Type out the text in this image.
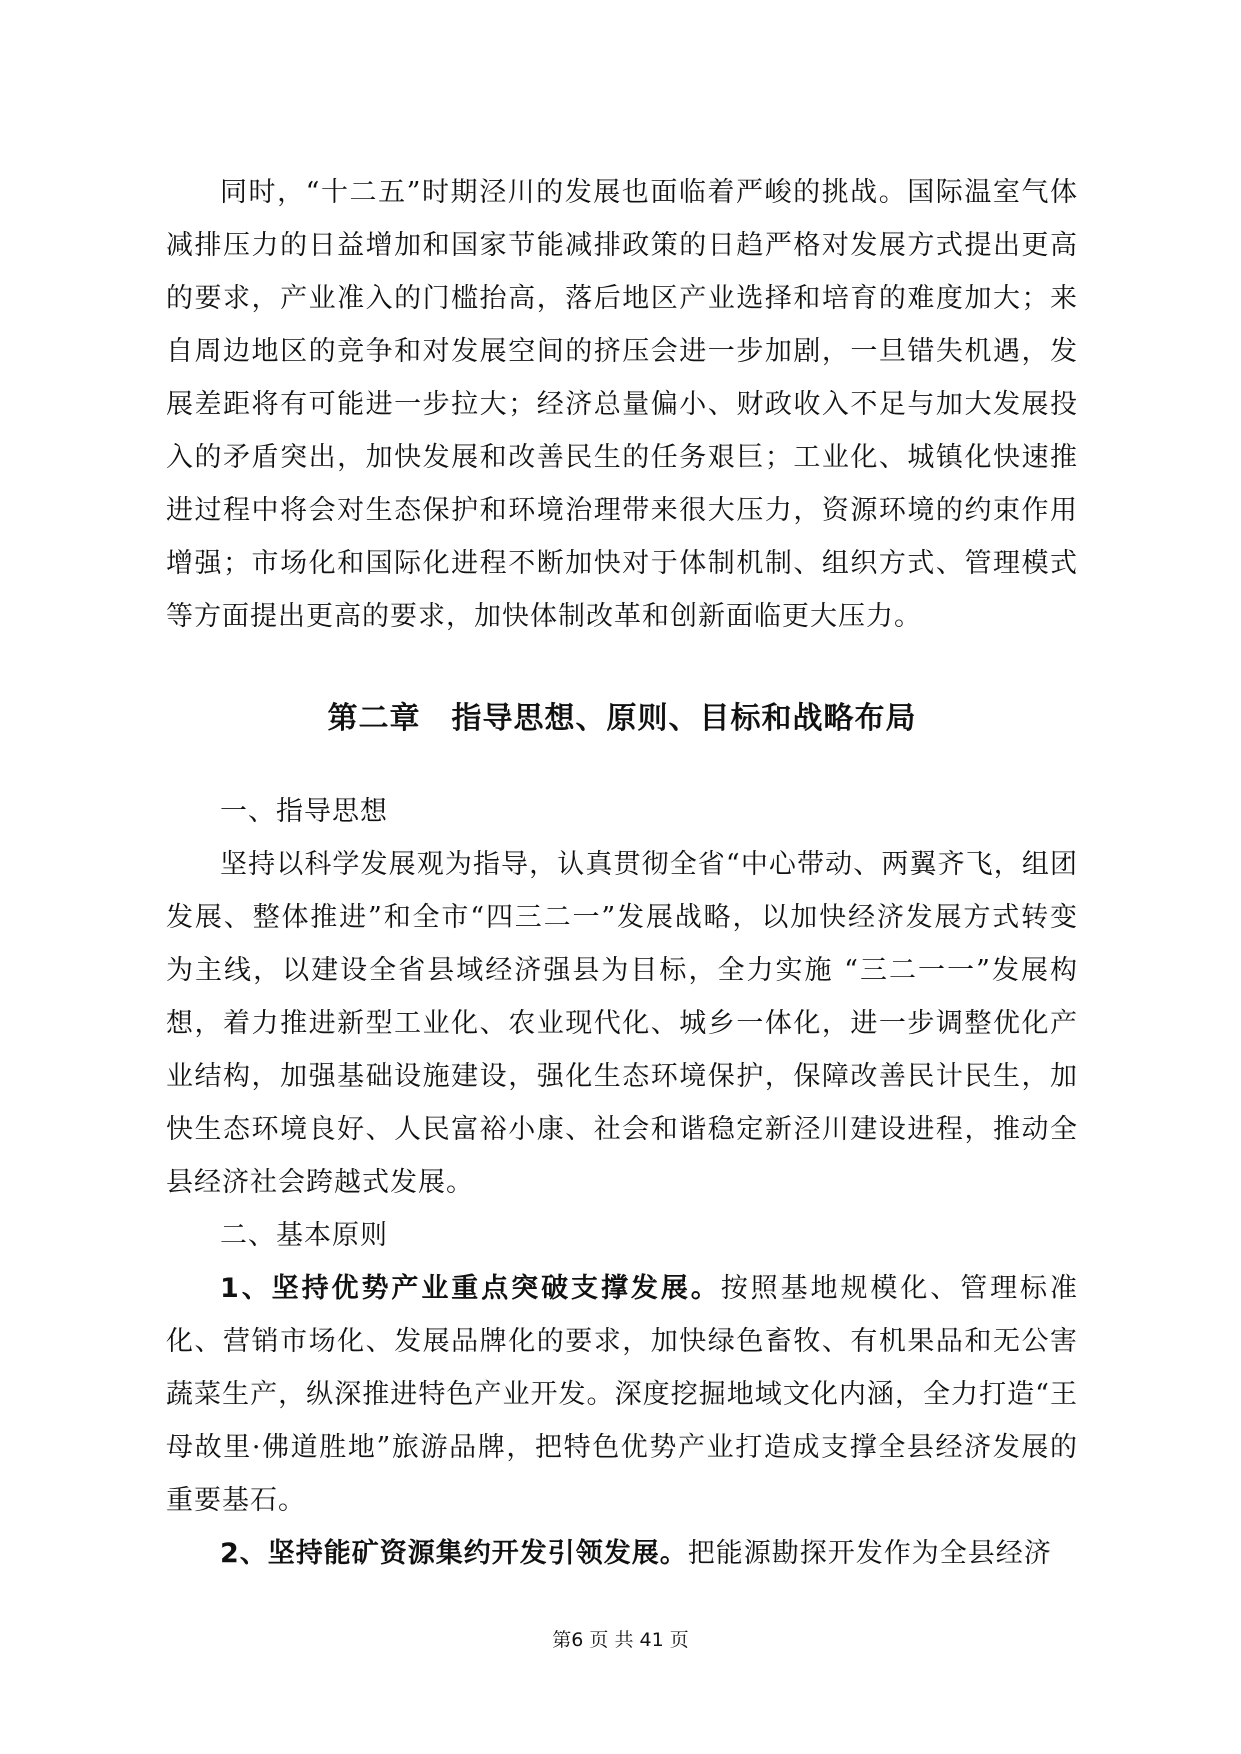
同时，“十二五”时期泾川的发展也面临着严峻的挑战。国际温室气体减排压力的日益增加和国家节能减排政策的日趋严格对发展方式提出更高的要求，产业准入的门槛抬高，落后地区产业选择和培育的难度加大；来自周边地区的竞争和对发展空间的挤压会进一步加剧，一旦错失机遇，发展差距将有可能进一步拉大；经济总量偏小、财政收入不足与加大发展投入的矛盾突出，加快发展和改善民生的任务艰巨；工业化、城镇化快速推进过程中将会对生态保护和环境治理带来很大压力，资源环境的约束作用增强；市场化和国际化进程不断加快对于体制机制、组织方式、管理模式等方面提出更高的要求，加快体制改革和创新面临更大压力。

第二章　指导思想、原则、目标和战略布局

一、指导思想

坚持以科学发展观为指导，认真贯彻全省“中心带动、两翼齐飞，组团发展、整体推进”和全市“四三二一”发展战略，以加快经济发展方式转变为主线，以建设全省县域经济强县为目标，全力实施 “三二一一”发展构想，着力推进新型工业化、农业现代化、城乡一体化，进一步调整优化产业结构，加强基础设施建设，强化生态环境保护，保障改善民计民生，加快生态环境良好、人民富裕小康、社会和谐稳定新泾川建设进程，推动全县经济社会跨越式发展。

二、基本原则

1、坚持优势产业重点突破支撑发展。按照基地规模化、管理标准化、营销市场化、发展品牌化的要求，加快绿色畜牧、有机果品和无公害蔬菜生产，纵深推进特色产业开发。深度挖掘地域文化内涵，全力打造“王母故里·佛道胜地”旅游品牌，把特色优势产业打造成支撑全县经济发展的重要基石。

2、坚持能矿资源集约开发引领发展。把能源勘探开发作为全县经济

第6 页 共 41 页
